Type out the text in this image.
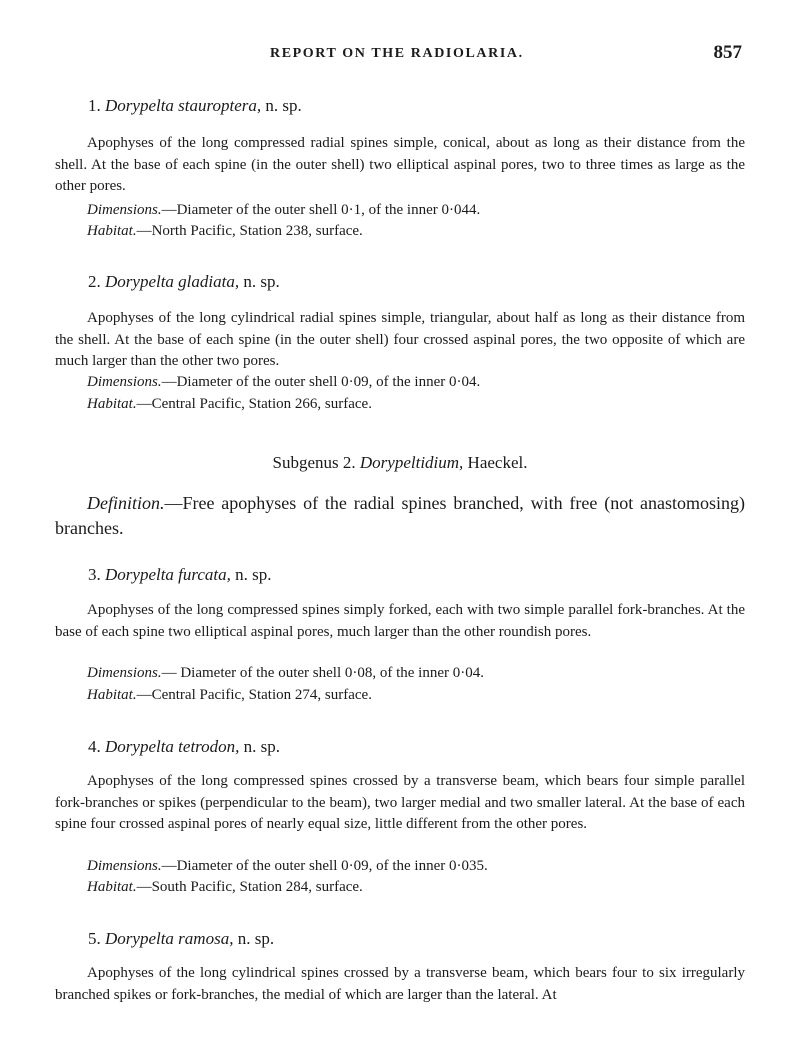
REPORT ON THE RADIOLARIA.	857
1. Dorypelta stauroptera, n. sp.

Apophyses of the long compressed radial spines simple, conical, about as long as their distance from the shell. At the base of each spine (in the outer shell) two elliptical aspinal pores, two to three times as large as the other pores.

Dimensions.—Diameter of the outer shell 0·1, of the inner 0·044.
Habitat.—North Pacific, Station 238, surface.
2. Dorypelta gladiata, n. sp.

Apophyses of the long cylindrical radial spines simple, triangular, about half as long as their distance from the shell. At the base of each spine (in the outer shell) four crossed aspinal pores, the two opposite of which are much larger than the other two pores.

Dimensions.—Diameter of the outer shell 0·09, of the inner 0·04.
Habitat.—Central Pacific, Station 266, surface.
Subgenus 2. Dorypeltidium, Haeckel.

Definition.—Free apophyses of the radial spines branched, with free (not anastomosing) branches.

3. Dorypelta furcata, n. sp.

Apophyses of the long compressed spines simply forked, each with two simple parallel fork-branches. At the base of each spine two elliptical aspinal pores, much larger than the other roundish pores.

Dimensions.— Diameter of the outer shell 0·08, of the inner 0·04.
Habitat.—Central Pacific, Station 274, surface.
4. Dorypelta tetrodon, n. sp.

Apophyses of the long compressed spines crossed by a transverse beam, which bears four simple parallel fork-branches or spikes (perpendicular to the beam), two larger medial and two smaller lateral. At the base of each spine four crossed aspinal pores of nearly equal size, little different from the other pores.

Dimensions.—Diameter of the outer shell 0·09, of the inner 0·035.
Habitat.—South Pacific, Station 284, surface.
5. Dorypelta ramosa, n. sp.

Apophyses of the long cylindrical spines crossed by a transverse beam, which bears four to six irregularly branched spikes or fork-branches, the medial of which are larger than the lateral. At
